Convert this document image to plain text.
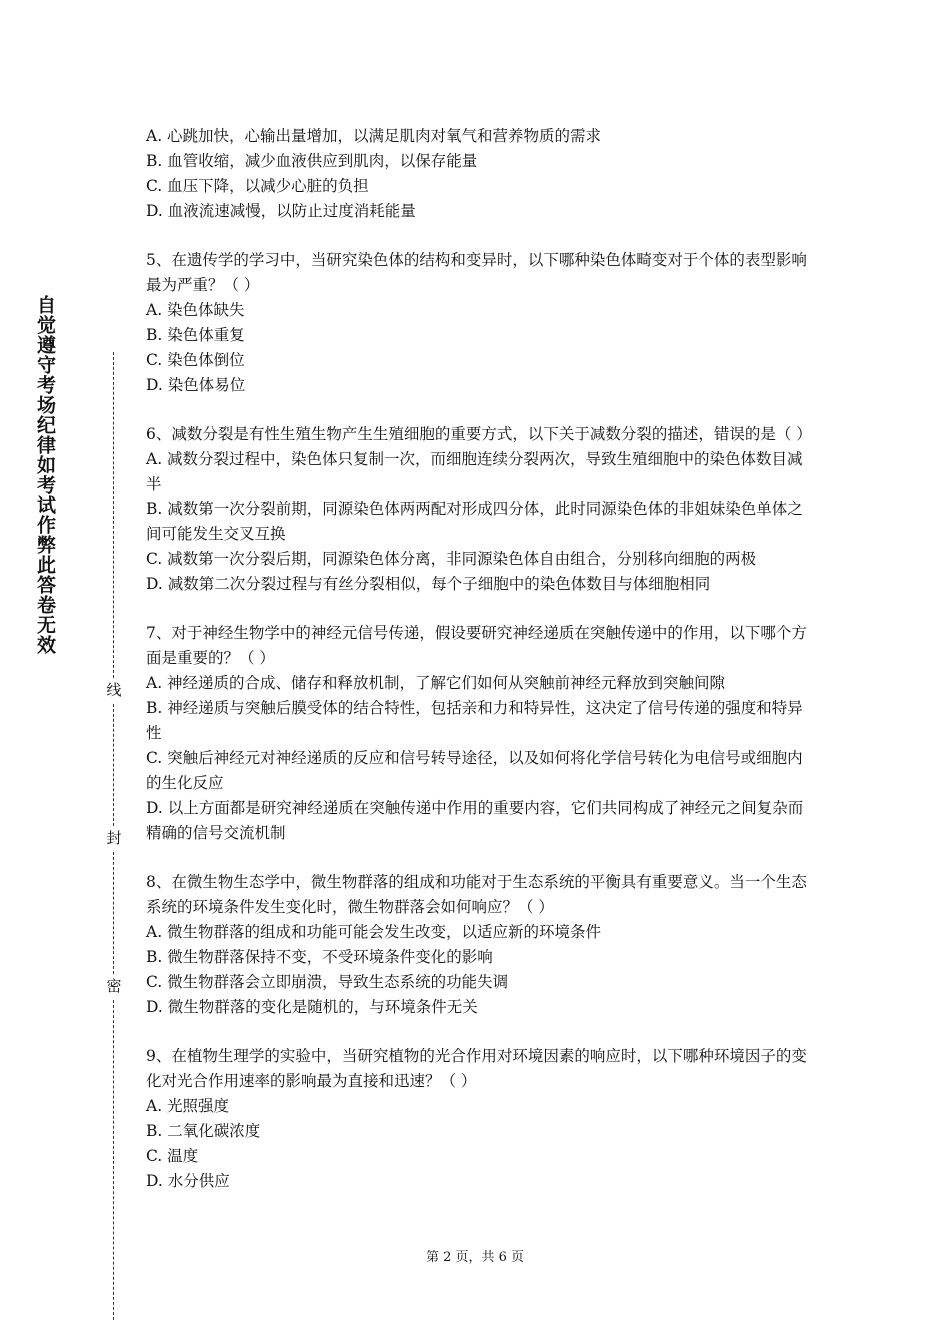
自觉遵守考场纪律如考试作弊此答卷无效
线
封
密

A. 心跳加快，心输出量增加，以满足肌肉对氧气和营养物质的需求

B. 血管收缩，减少血液供应到肌肉，以保存能量

C. 血压下降，以减少心脏的负担

D. 血液流速减慢，以防止过度消耗能量

5、在遗传学的学习中，当研究染色体的结构和变异时，以下哪种染色体畸变对于个体的表型影响最为严重？（ ）

A. 染色体缺失

B. 染色体重复

C. 染色体倒位

D. 染色体易位

6、减数分裂是有性生殖生物产生生殖细胞的重要方式，以下关于减数分裂的描述，错误的是（ ）

A. 减数分裂过程中，染色体只复制一次，而细胞连续分裂两次，导致生殖细胞中的染色体数目减半

B. 减数第一次分裂前期，同源染色体两两配对形成四分体，此时同源染色体的非姐妹染色单体之间可能发生交叉互换

C. 减数第一次分裂后期，同源染色体分离，非同源染色体自由组合，分别移向细胞的两极

D. 减数第二次分裂过程与有丝分裂相似，每个子细胞中的染色体数目与体细胞相同

7、对于神经生物学中的神经元信号传递，假设要研究神经递质在突触传递中的作用，以下哪个方面是重要的？（ ）

A. 神经递质的合成、储存和释放机制，了解它们如何从突触前神经元释放到突触间隙

B. 神经递质与突触后膜受体的结合特性，包括亲和力和特异性，这决定了信号传递的强度和特异性

C. 突触后神经元对神经递质的反应和信号转导途径，以及如何将化学信号转化为电信号或细胞内的生化反应

D. 以上方面都是研究神经递质在突触传递中作用的重要内容，它们共同构成了神经元之间复杂而精确的信号交流机制

8、在微生物生态学中，微生物群落的组成和功能对于生态系统的平衡具有重要意义。当一个生态系统的环境条件发生变化时，微生物群落会如何响应？（ ）

A. 微生物群落的组成和功能可能会发生改变，以适应新的环境条件

B. 微生物群落保持不变，不受环境条件变化的影响

C. 微生物群落会立即崩溃，导致生态系统的功能失调

D. 微生物群落的变化是随机的，与环境条件无关

9、在植物生理学的实验中，当研究植物的光合作用对环境因素的响应时，以下哪种环境因子的变化对光合作用速率的影响最为直接和迅速？（ ）

A. 光照强度

B. 二氧化碳浓度

C. 温度

D. 水分供应

第 2 页，共 6 页
